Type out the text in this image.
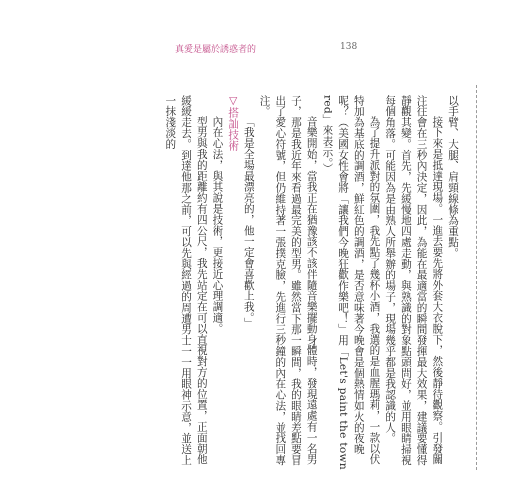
真愛是屬於誘惑者的	138

以手臂、大腿、肩頸線條為重點。

接下來是抵達現場。一進去要先將外套大衣脫下，然後靜待觀察。引發關注往會在三秒內決定，因此，為能在最適當的瞬間發揮最大效果，建議要懂得靜觀其變。首先，先緩慢地四處走動，與熟識的對象點頭問好，並用眼睛掃視每個角落。可能因為是由熟人所舉辦的場子，現場幾乎都是我認識的人。

為了提升派對的氛圍，我先點了幾杯小酒，我選的是血腥瑪莉，一款以伏特加為基底的調酒，鮮紅色的調酒，是否意味著今晚會是個熱情如火的夜晚呢？（美國女性會將「讓我們今晚狂歡作樂吧！」用「Let's paint the town red」來表示。）

音樂開始，當我正在猶豫該不該伴隨音樂擺動身體時，發現遠處有一名男子，那是我近年來看過最完美的型男。雖然當下那一瞬間，我的眼睛差點要冒出了愛心符號，但仍維持著一張撲克臉，先進行三秒鐘的內在心法，並找回專注。

「我是全場最漂亮的，他一定會喜歡上我。」

▽搭訕技術

內在心法，與其說是技術，更接近心理調適。

型男與我的距離約有四公尺，我先站定在可以直視對方的位置，正面朝他緩緩走去。到達他那之前，可以先與經過的周遭男士一一用眼神示意，並送上一抹淺淡的
